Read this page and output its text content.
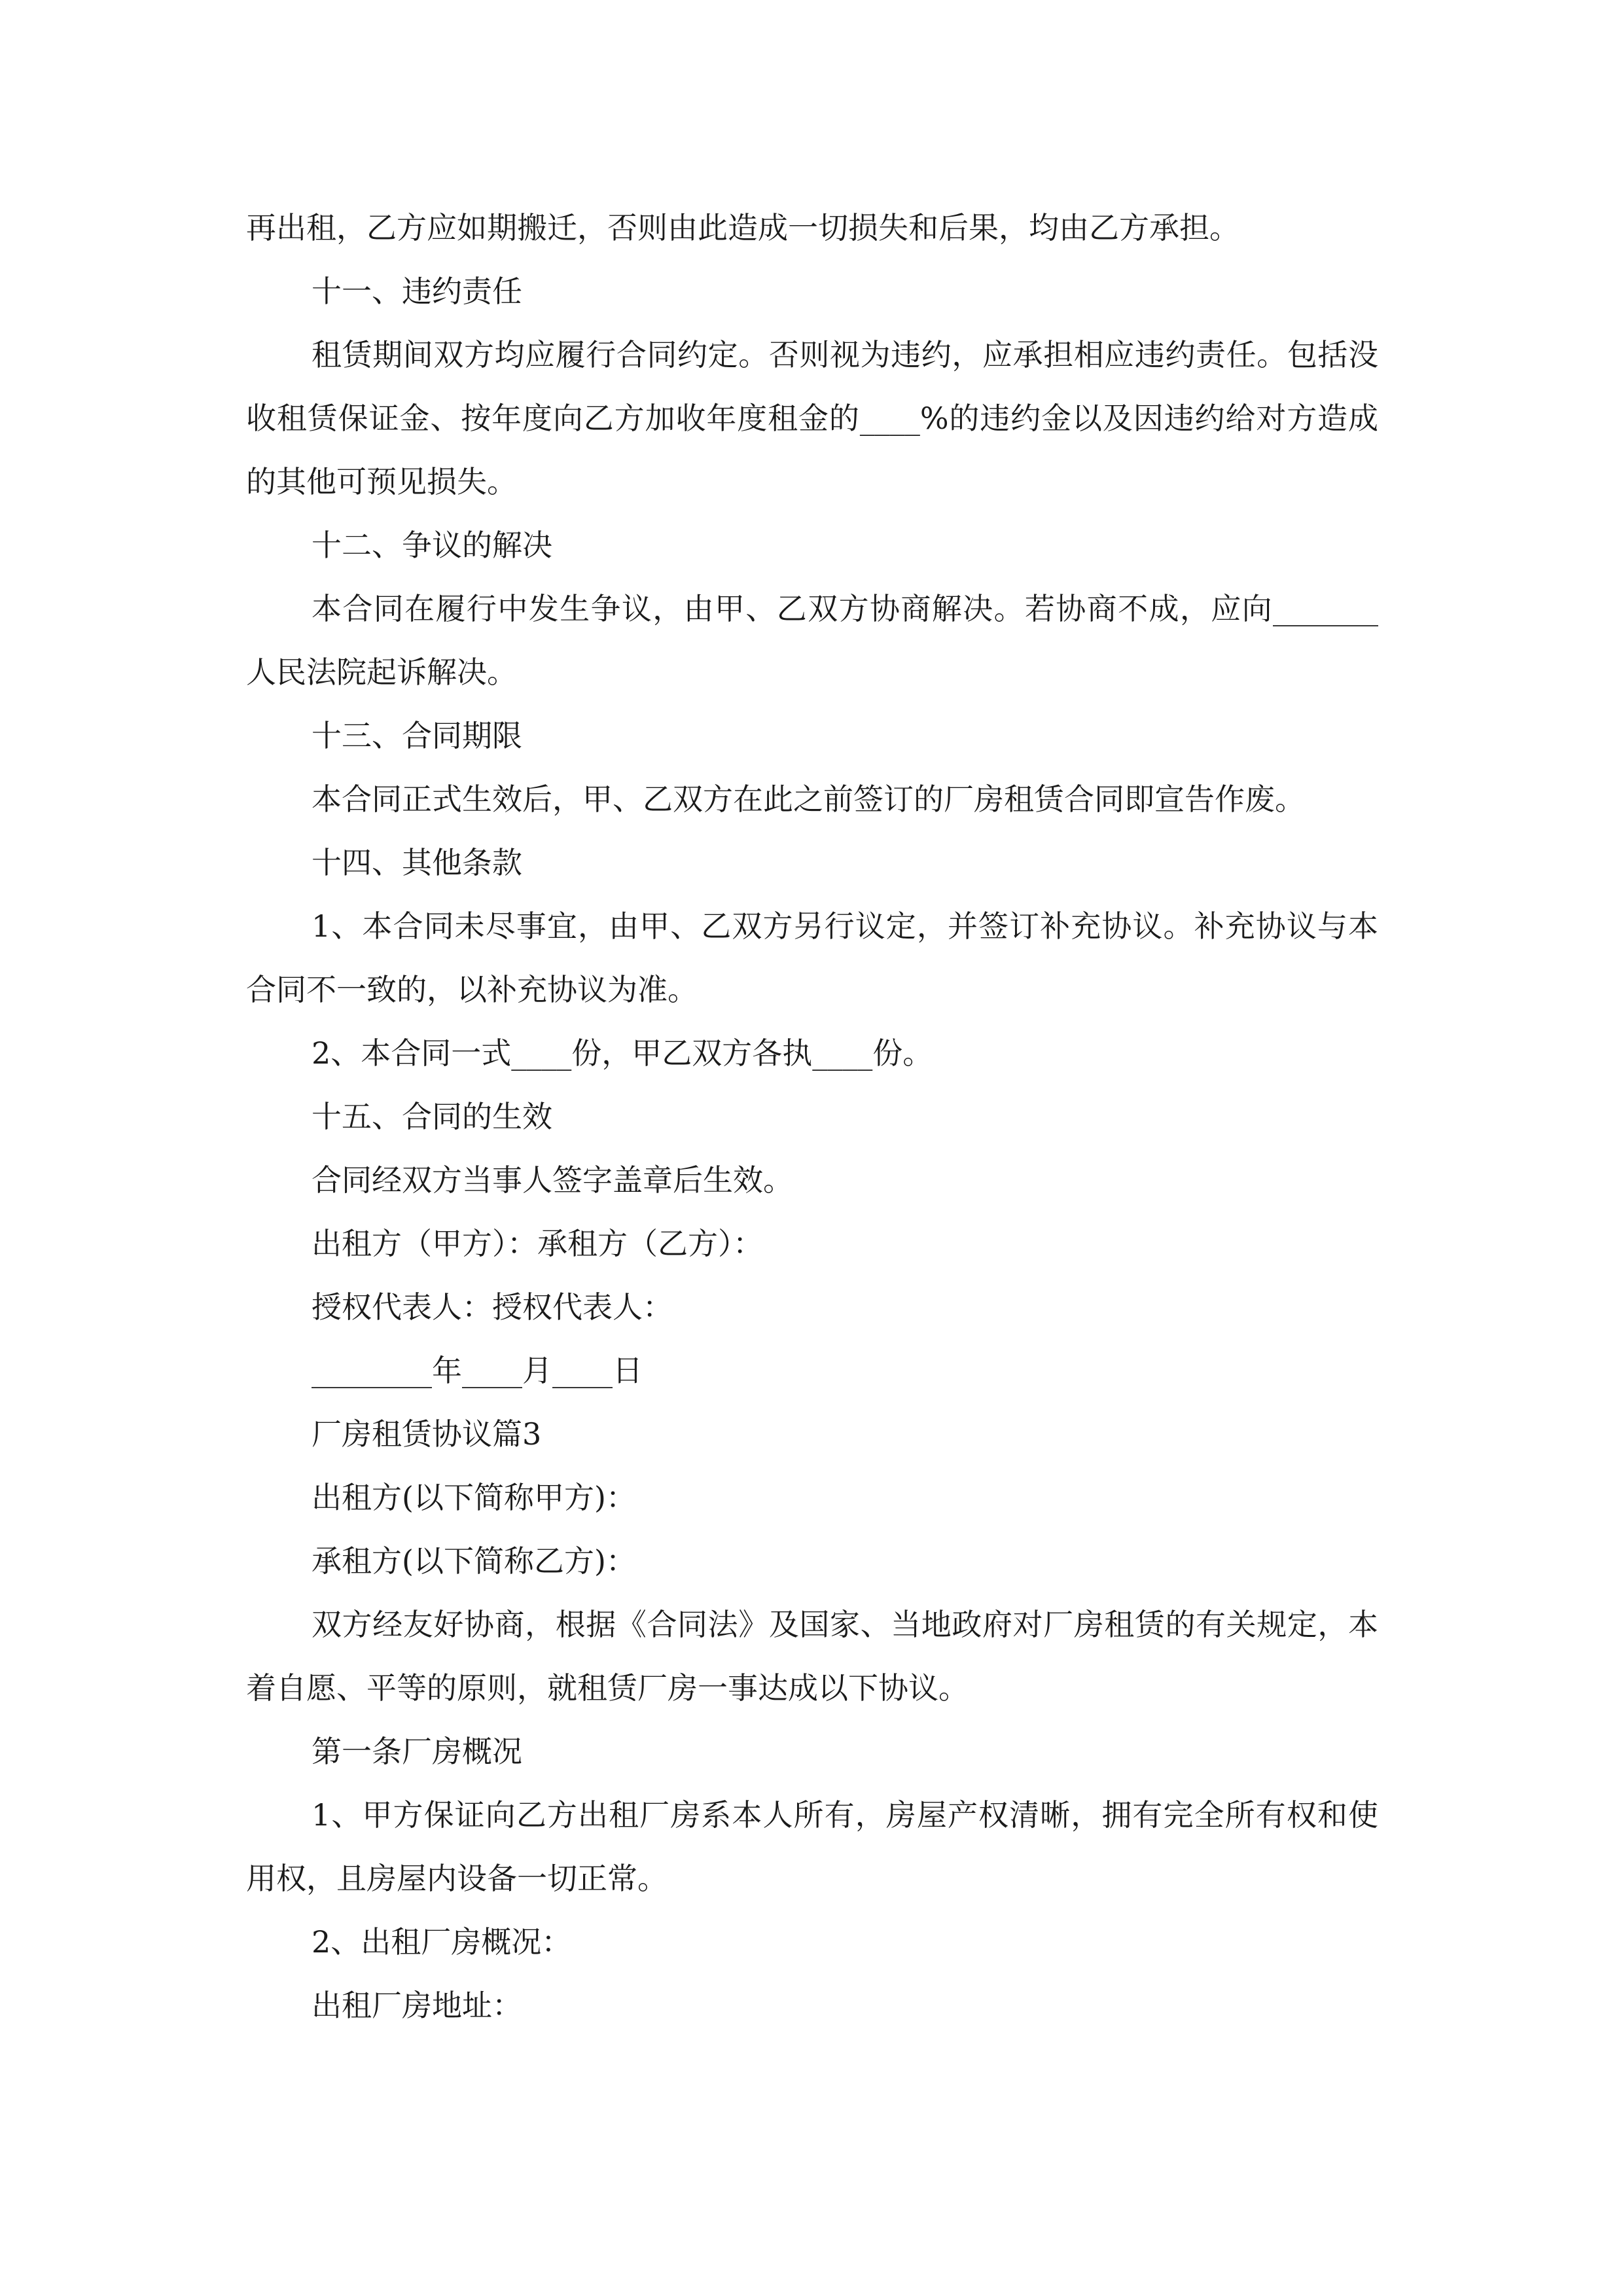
再出租，乙方应如期搬迁，否则由此造成一切损失和后果，均由乙方承担。

十一、违约责任

租赁期间双方均应履行合同约定。否则视为违约，应承担相应违约责任。包括没收租赁保证金、按年度向乙方加收年度租金的____%的违约金以及因违约给对方造成的其他可预见损失。

十二、争议的解决

本合同在履行中发生争议，由甲、乙双方协商解决。若协商不成，应向_______人民法院起诉解决。

十三、合同期限

本合同正式生效后，甲、乙双方在此之前签订的厂房租赁合同即宣告作废。

十四、其他条款

1、本合同未尽事宜，由甲、乙双方另行议定，并签订补充协议。补充协议与本合同不一致的，以补充协议为准。

2、本合同一式____份，甲乙双方各执____份。

十五、合同的生效

合同经双方当事人签字盖章后生效。

出租方（甲方）：承租方（乙方）：

授权代表人：授权代表人：

________年____月____日

厂房租赁协议篇3

出租方(以下简称甲方)：

承租方(以下简称乙方)：

双方经友好协商，根据《合同法》及国家、当地政府对厂房租赁的有关规定，本着自愿、平等的原则，就租赁厂房一事达成以下协议。

第一条厂房概况

1、甲方保证向乙方出租厂房系本人所有，房屋产权清晰，拥有完全所有权和使用权，且房屋内设备一切正常。

2、出租厂房概况：

出租厂房地址：
